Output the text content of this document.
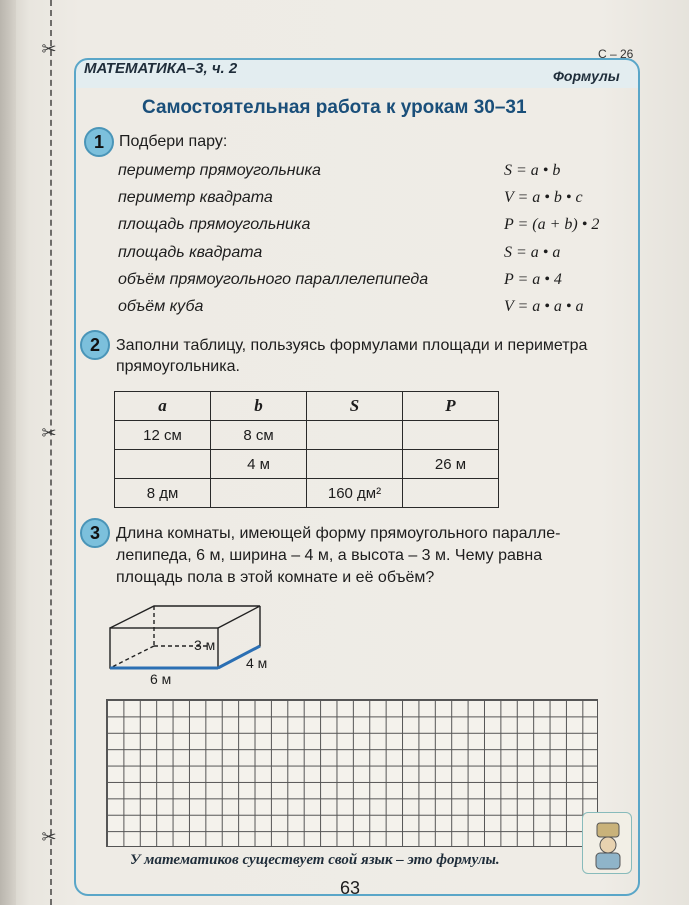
✂
✂
✂
МАТЕМАТИКА–3, ч. 2
С – 26
Формулы
Самостоятельная работа к урокам 30–31
1 Подбери пару:
периметр прямоугольника	S = a • b
периметр квадрата	V = a • b • c
площадь прямоугольника	P = (a + b) • 2
площадь квадрата	S = a • a
объём прямоугольного параллелепипеда	P = a • 4
объём куба	V = a • a • a
2	Заполни таблицу, пользуясь формулами площади и периметра
прямоугольника.
a	b	S	P
12 см	8 см		
	4 м		26 м
8 дм		160 дм²	
3	Длина комнаты, имеющей форму прямоугольного паралле-
лепипеда, 6 м, ширина – 4 м, а высота – 3 м. Чему равна
площадь пола в этой комнате и её объём?
3 м
4 м
6 м
У математиков существует свой язык – это формулы.
63
